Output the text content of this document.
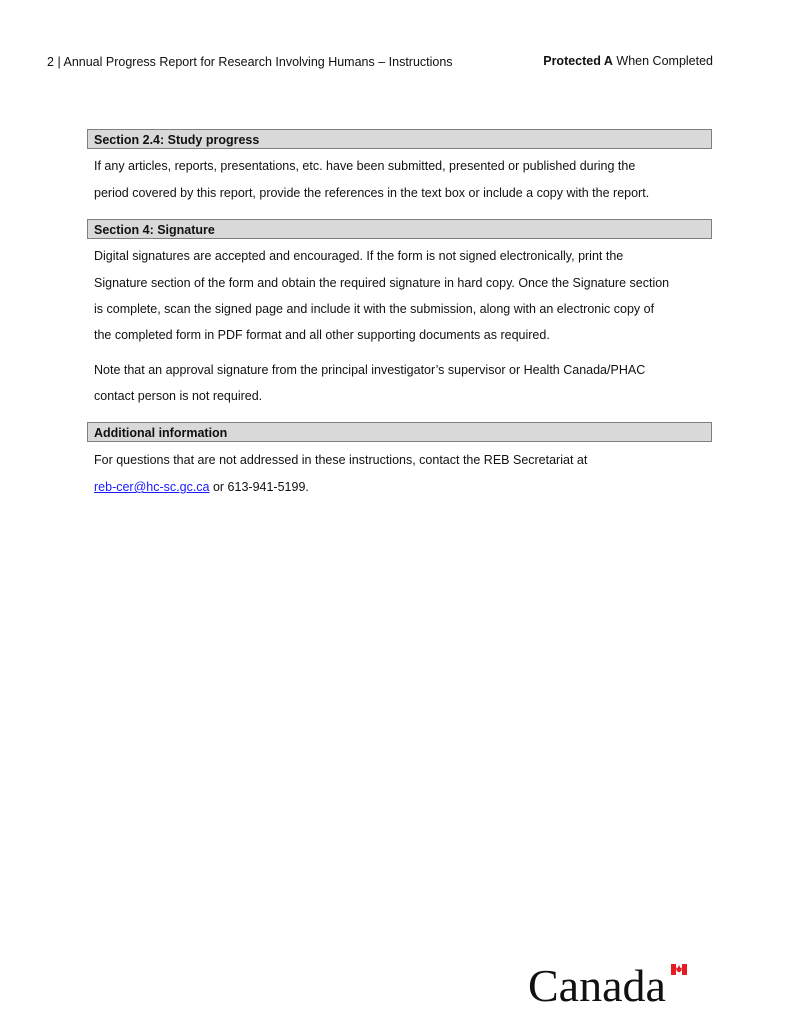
2 | Annual Progress Report for Research Involving Humans – Instructions	Protected A When Completed
Section 2.4: Study progress
If any articles, reports, presentations, etc. have been submitted, presented or published during the
period covered by this report, provide the references in the text box or include a copy with the report.
Section 4: Signature
Digital signatures are accepted and encouraged. If the form is not signed electronically, print the
Signature section of the form and obtain the required signature in hard copy. Once the Signature section
is complete, scan the signed page and include it with the submission, along with an electronic copy of
the completed form in PDF format and all other supporting documents as required.
Note that an approval signature from the principal investigator’s supervisor or Health Canada/PHAC
contact person is not required.
Additional information
For questions that are not addressed in these instructions, contact the REB Secretariat at
reb-cer@hc-sc.gc.ca or 613-941-5199.
Canada
